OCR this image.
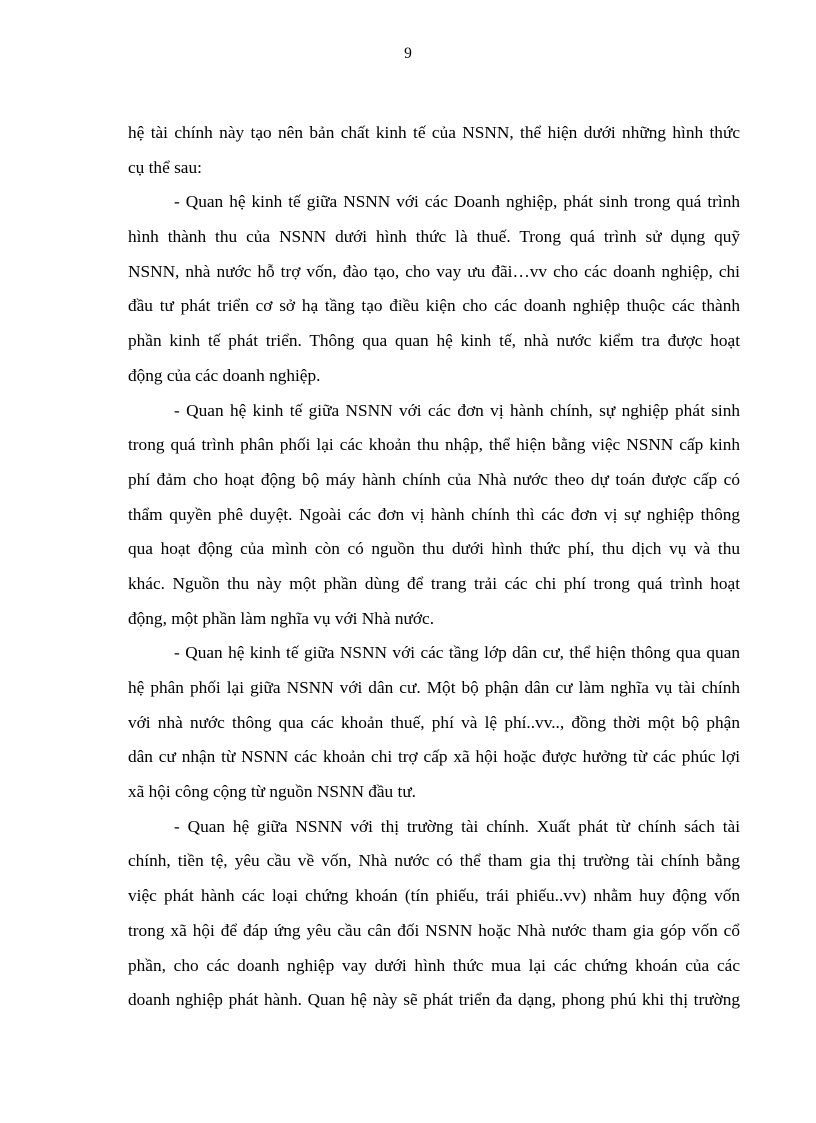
9
hệ tài chính này tạo nên bản chất kinh tế của NSNN, thể hiện dưới những hình thức
cụ thể sau:
- Quan hệ kinh tế giữa NSNN với các Doanh nghiệp, phát sinh trong quá trình
hình thành thu của NSNN dưới hình thức là thuế. Trong quá trình sử dụng quỹ
NSNN, nhà nước hỗ trợ vốn, đào tạo, cho vay ưu đãi…vv cho các doanh nghiệp, chi
đầu tư phát triển cơ sở hạ tầng tạo điều kiện cho các doanh nghiệp thuộc các thành
phần kinh tế phát triển. Thông qua quan hệ kinh tế, nhà nước kiểm tra được hoạt
động của các doanh nghiệp.
- Quan hệ kinh tế giữa NSNN với các đơn vị hành chính, sự nghiệp phát sinh
trong quá trình phân phối lại các khoản thu nhập, thể hiện bằng việc NSNN cấp kinh
phí đảm cho hoạt động bộ máy hành chính của Nhà nước theo dự toán được cấp có
thẩm quyền phê duyệt. Ngoài các đơn vị hành chính thì các đơn vị sự nghiệp thông
qua hoạt động của mình còn có nguồn thu dưới hình thức phí, thu dịch vụ và thu
khác. Nguồn thu này một phần dùng để trang trải các chi phí trong quá trình hoạt
động, một phần làm nghĩa vụ với Nhà nước.
- Quan hệ kinh tế giữa NSNN với các tầng lớp dân cư, thể hiện thông qua quan
hệ phân phối lại giữa NSNN với dân cư. Một bộ phận dân cư làm nghĩa vụ tài chính
với nhà nước thông qua các khoản thuế, phí và lệ phí..vv.., đồng thời một bộ phận
dân cư nhận từ NSNN các khoản chi trợ cấp xã hội hoặc được hưởng từ các phúc lợi
xã hội công cộng từ nguồn NSNN đầu tư.
- Quan hệ giữa NSNN với thị trường tài chính. Xuất phát từ chính sách tài
chính, tiền tệ, yêu cầu về vốn, Nhà nước có thể tham gia thị trường tài chính bằng
việc phát hành các loại chứng khoán (tín phiếu, trái phiếu..vv) nhằm huy động vốn
trong xã hội để đáp ứng yêu cầu cân đối NSNN hoặc Nhà nước tham gia góp vốn cổ
phần, cho các doanh nghiệp vay dưới hình thức mua lại các chứng khoán của các
doanh nghiệp phát hành. Quan hệ này sẽ phát triển đa dạng, phong phú khi thị trường
